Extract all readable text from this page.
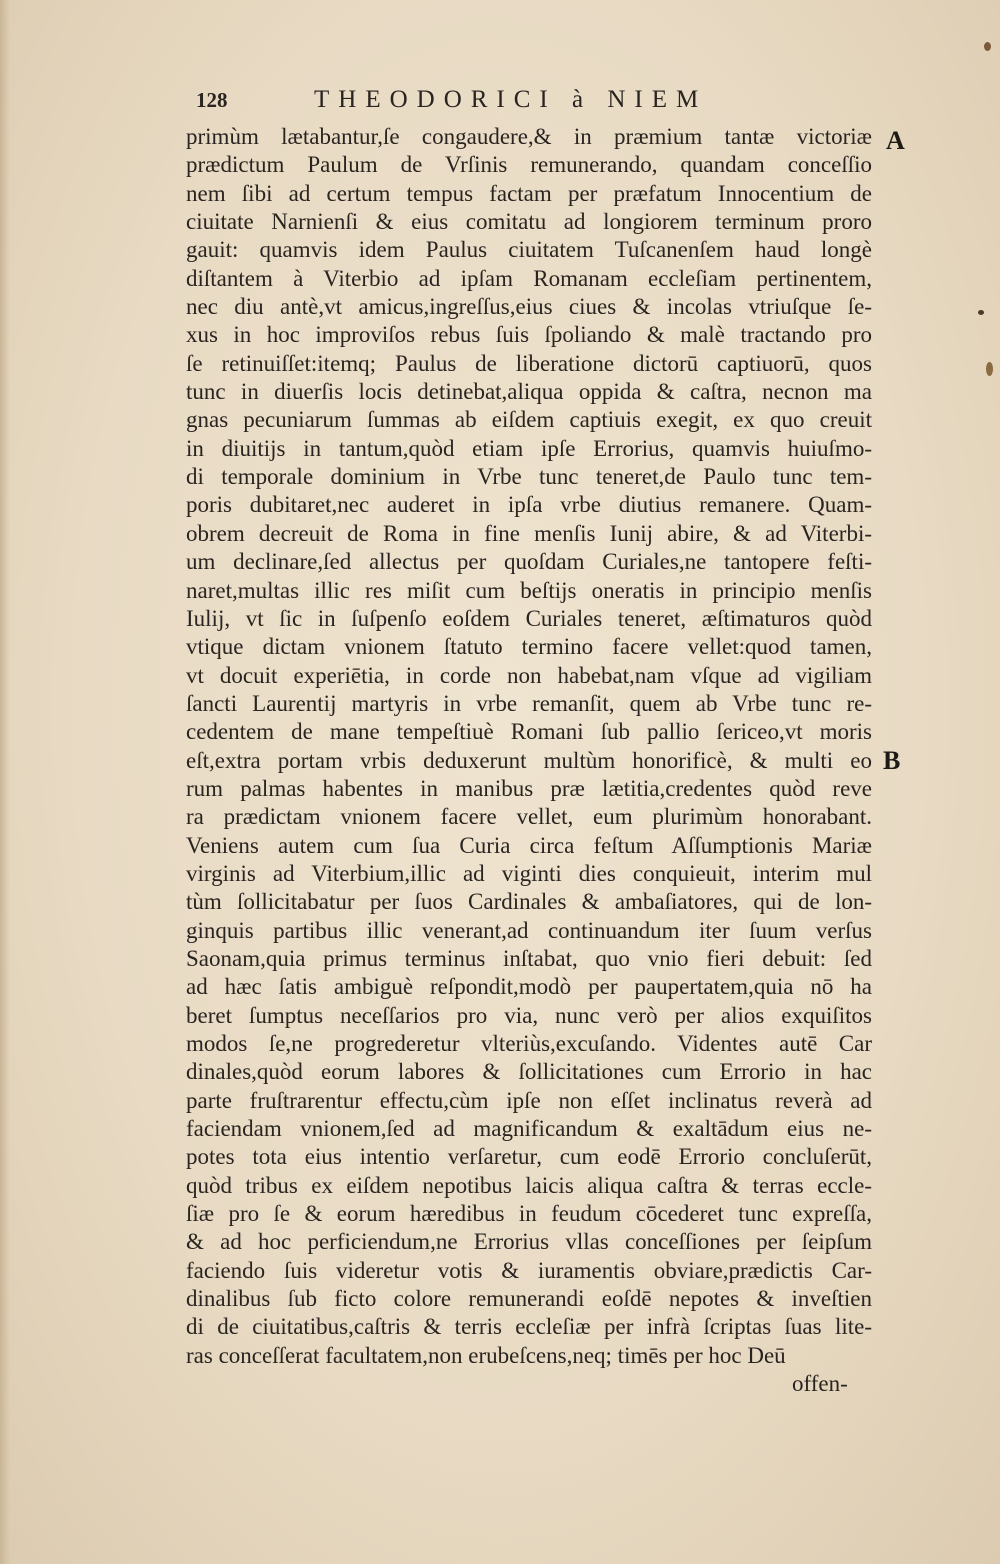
128	THEODORICI à NIEM
primùm lætabantur,ſe congaudere,& in præmium tantæ victoriæ
prædictum Paulum de Vrſinis remunerando, quandam conceſſio
nem ſibi ad certum tempus factam per præfatum Innocentium de
ciuitate Narnienſi & eius comitatu ad longiorem terminum proro
gauit: quamvis idem Paulus ciuitatem Tuſcanenſem haud longè
diſtantem à Viterbio ad ipſam Romanam eccleſiam pertinentem,
nec diu antè,vt amicus,ingreſſus,eius ciues & incolas vtriuſque ſe-
xus in hoc improviſos rebus ſuis ſpoliando & malè tractando pro
ſe retinuiſſet:itemq; Paulus de liberatione dictorū captiuorū, quos
tunc in diuerſis locis detinebat,aliqua oppida & caſtra, necnon ma
gnas pecuniarum ſummas ab eiſdem captiuis exegit, ex quo creuit
in diuitijs in tantum,quòd etiam ipſe Errorius, quamvis huiuſmo-
di temporale dominium in Vrbe tunc teneret,de Paulo tunc tem-
poris dubitaret,nec auderet in ipſa vrbe diutius remanere. Quam-
obrem decreuit de Roma in fine menſis Iunij abire, & ad Viterbi-
um declinare,ſed allectus per quoſdam Curiales,ne tantopere feſti-
naret,multas illic res miſit cum beſtijs oneratis in principio menſis
Iulij, vt ſic in ſuſpenſo eoſdem Curiales teneret, æſtimaturos quòd
vtique dictam vnionem ſtatuto termino facere vellet:quod tamen,
vt docuit experiētia, in corde non habebat,nam vſque ad vigiliam
ſancti Laurentij martyris in vrbe remanſit, quem ab Vrbe tunc re-
cedentem de mane tempeſtiuè Romani ſub pallio ſericeo,vt moris
eſt,extra portam vrbis deduxerunt multùm honorificè, & multi eo
rum palmas habentes in manibus præ lætitia,credentes quòd reve
ra prædictam vnionem facere vellet, eum plurimùm honorabant.
Veniens autem cum ſua Curia circa feſtum Aſſumptionis Mariæ
virginis ad Viterbium,illic ad viginti dies conquieuit, interim mul
tùm ſollicitabatur per ſuos Cardinales & ambaſiatores, qui de lon-
ginquis partibus illic venerant,ad continuandum iter ſuum verſus
Saonam,quia primus terminus inſtabat, quo vnio fieri debuit: ſed
ad hæc ſatis ambiguè reſpondit,modò per paupertatem,quia nō ha
beret ſumptus neceſſarios pro via, nunc verò per alios exquiſitos
modos ſe,ne progrederetur vlteriùs,excuſando. Videntes autē Car
dinales,quòd eorum labores & ſollicitationes cum Errorio in hac
parte fruſtrarentur effectu,cùm ipſe non eſſet inclinatus reverà ad
faciendam vnionem,ſed ad magnificandum & exaltādum eius ne-
potes tota eius intentio verſaretur, cum eodē Errorio concluſerūt,
quòd tribus ex eiſdem nepotibus laicis aliqua caſtra & terras eccle-
ſiæ pro ſe & eorum hæredibus in feudum cōcederet tunc expreſſa,
& ad hoc perficiendum,ne Errorius vllas conceſſiones per ſeipſum
faciendo ſuis videretur votis & iuramentis obviare,prædictis Car-
dinalibus ſub ficto colore remunerandi eoſdē nepotes & inveſtien
di de ciuitatibus,caſtris & terris eccleſiæ per infrà ſcriptas ſuas lite-
ras conceſſerat facultatem,non erubeſcens,neq; timēs per hoc Deū
A
B
offen-
